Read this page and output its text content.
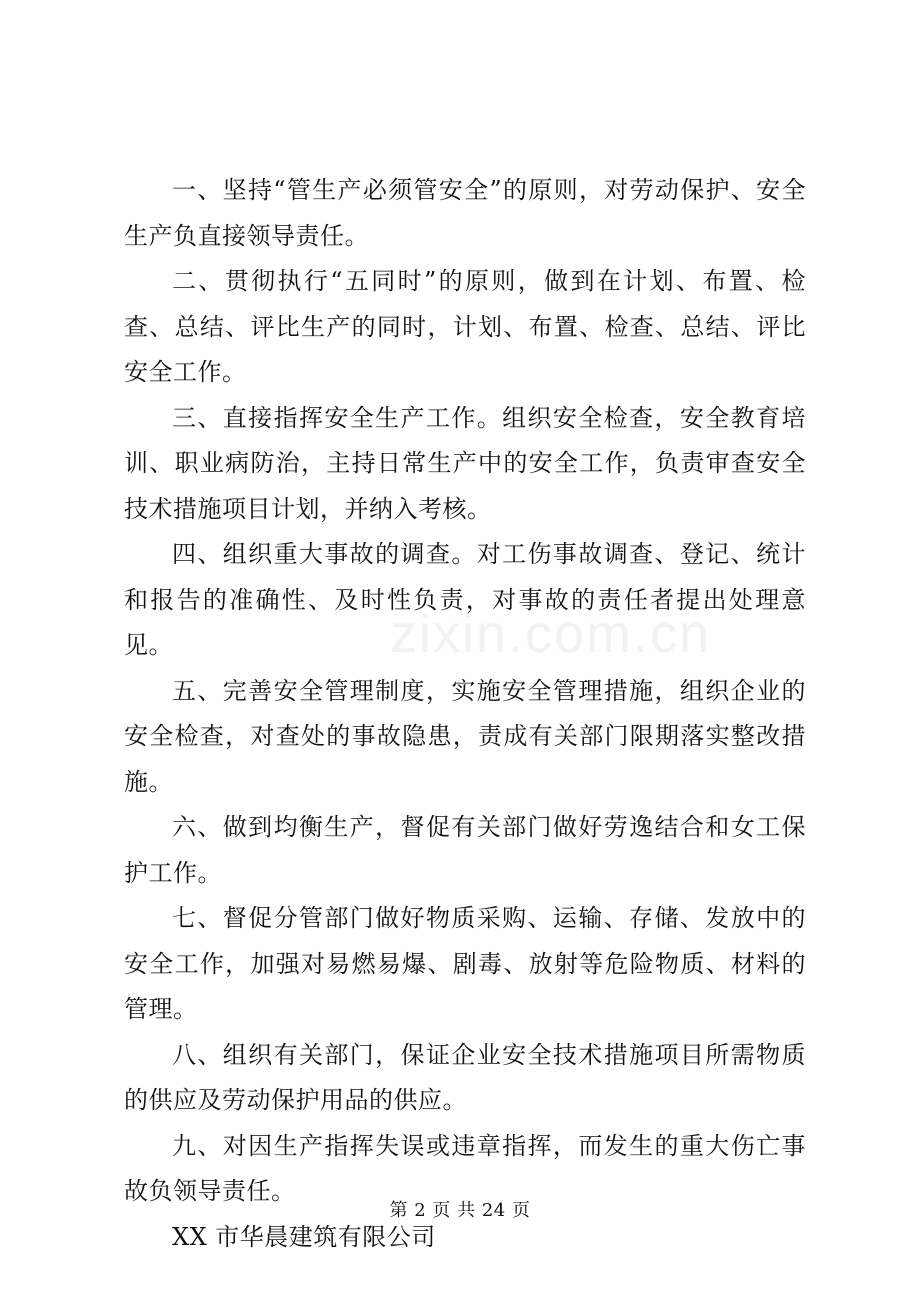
zixin.com.cn

一、坚持“管生产必须管安全”的原则，对劳动保护、安全生产负直接领导责任。

二、贯彻执行“五同时”的原则，做到在计划、布置、检查、总结、评比生产的同时，计划、布置、检查、总结、评比安全工作。

三、直接指挥安全生产工作。组织安全检查，安全教育培训、职业病防治，主持日常生产中的安全工作，负责审查安全技术措施项目计划，并纳入考核。

四、组织重大事故的调查。对工伤事故调查、登记、统计和报告的准确性、及时性负责，对事故的责任者提出处理意见。

五、完善安全管理制度，实施安全管理措施，组织企业的安全检查，对查处的事故隐患，责成有关部门限期落实整改措施。

六、做到均衡生产，督促有关部门做好劳逸结合和女工保护工作。

七、督促分管部门做好物质采购、运输、存储、发放中的安全工作，加强对易燃易爆、剧毒、放射等危险物质、材料的管理。

八、组织有关部门，保证企业安全技术措施项目所需物质的供应及劳动保护用品的供应。

九、对因生产指挥失误或违章指挥，而发生的重大伤亡事故负领导责任。

XX 市华晨建筑有限公司

第 2 页 共 24 页
